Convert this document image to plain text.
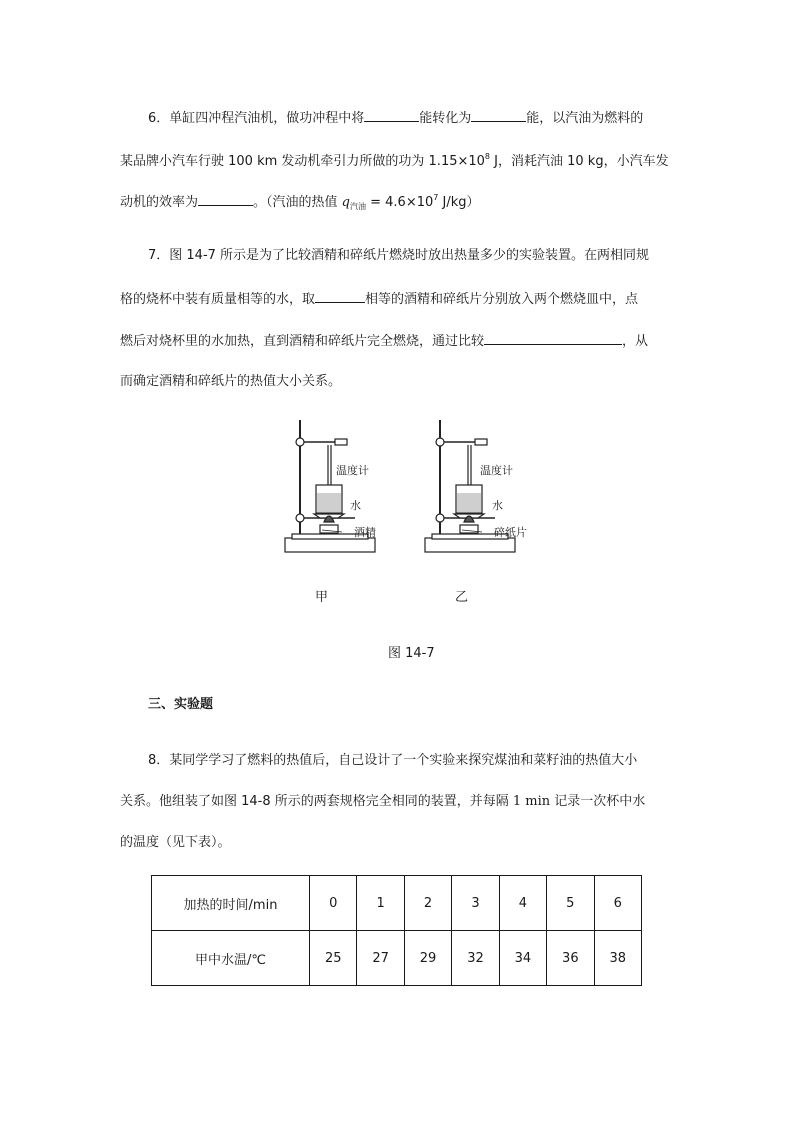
6．单缸四冲程汽油机，做功冲程中将	能转化为	能，以汽油为燃料的
某品牌小汽车行驶 100 km 发动机牵引力所做的功为 $1.15\times 10^8$ J，消耗汽油 10 kg，小汽车发
动机的效率为	。（汽油的热值 $q_{汽油} = 4.6\times 10^7$ J/kg）
7．图 14-7 所示是为了比较酒精和碎纸片燃烧时放出热量多少的实验装置。在两相同规
格的烧杯中装有质量相等的水，取	相等的酒精和碎纸片分别放入两个燃烧皿中，点
燃后对烧杯里的水加热，直到酒精和碎纸片完全燃烧，通过比较	，从
而确定酒精和碎纸片的热值大小关系。
温度计
水
酒精
温度计
水
碎纸片
甲	乙
图 14-7
三、实验题
8．某同学学习了燃料的热值后，自己设计了一个实验来探究煤油和菜籽油的热值大小
关系。他组装了如图 14-8 所示的两套规格完全相同的装置，并每隔 1 min 记录一次杯中水
的温度（见下表）。
加热的时间/min	0	1	2	3	4	5	6
甲中水温/℃	25	27	29	32	34	36	38
